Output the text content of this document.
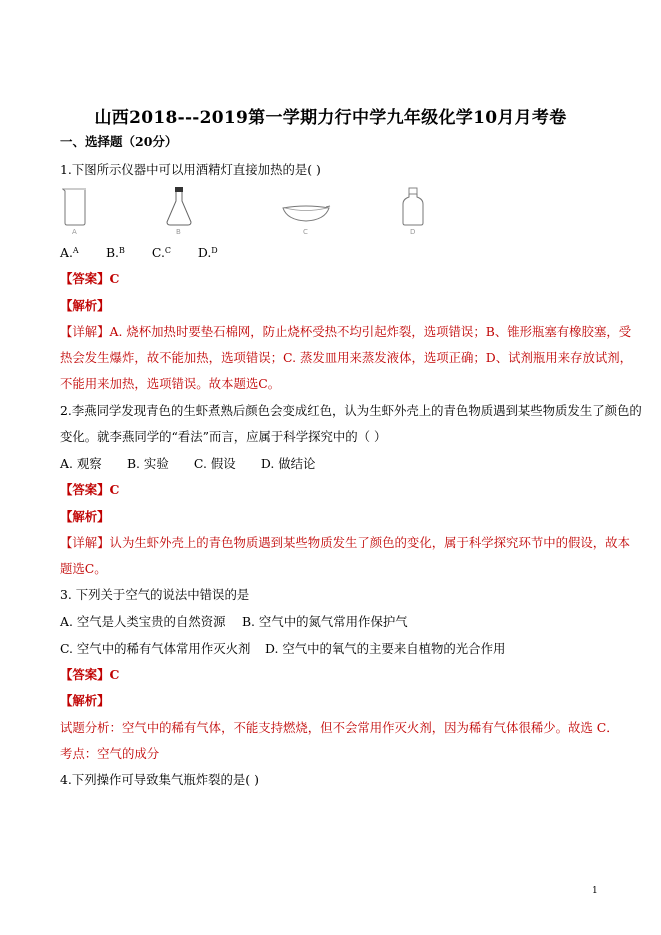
山西2018---2019第一学期力行中学九年级化学10月月考卷
一、选择题（20分）
1.下图所示仪器中可以用酒精灯直接加热的是( )
A	B	C	D
A.$^A$ B.$^B$ C.$^C$ D.$^D$
【答案】C
【解析】
【详解】A. 烧杯加热时要垫石棉网，防止烧杯受热不均引起炸裂，选项错误；B、锥形瓶塞有橡胶塞，受
热会发生爆炸，故不能加热，选项错误；C. 蒸发皿用来蒸发液体，选项正确；D、试剂瓶用来存放试剂，
不能用来加热，选项错误。故本题选C。
2.李燕同学发现青色的生虾煮熟后颜色会变成红色，认为生虾外壳上的青色物质遇到某些物质发生了颜色的
变化。就李燕同学的“看法”而言，应属于科学探究中的（ ）
A. 观察 B. 实验 C. 假设 D. 做结论
【答案】C
【解析】
【详解】认为生虾外壳上的青色物质遇到某些物质发生了颜色的变化，属于科学探究环节中的假设，故本
题选C。
3. 下列关于空气的说法中错误的是
A. 空气是人类宝贵的自然资源 B. 空气中的氮气常用作保护气
C. 空气中的稀有气体常用作灭火剂 D. 空气中的氧气的主要来自植物的光合作用
【答案】C
【解析】
试题分析：空气中的稀有气体，不能支持燃烧，但不会常用作灭火剂，因为稀有气体很稀少。故选 C．
考点：空气的成分
4.下列操作可导致集气瓶炸裂的是( )
1
